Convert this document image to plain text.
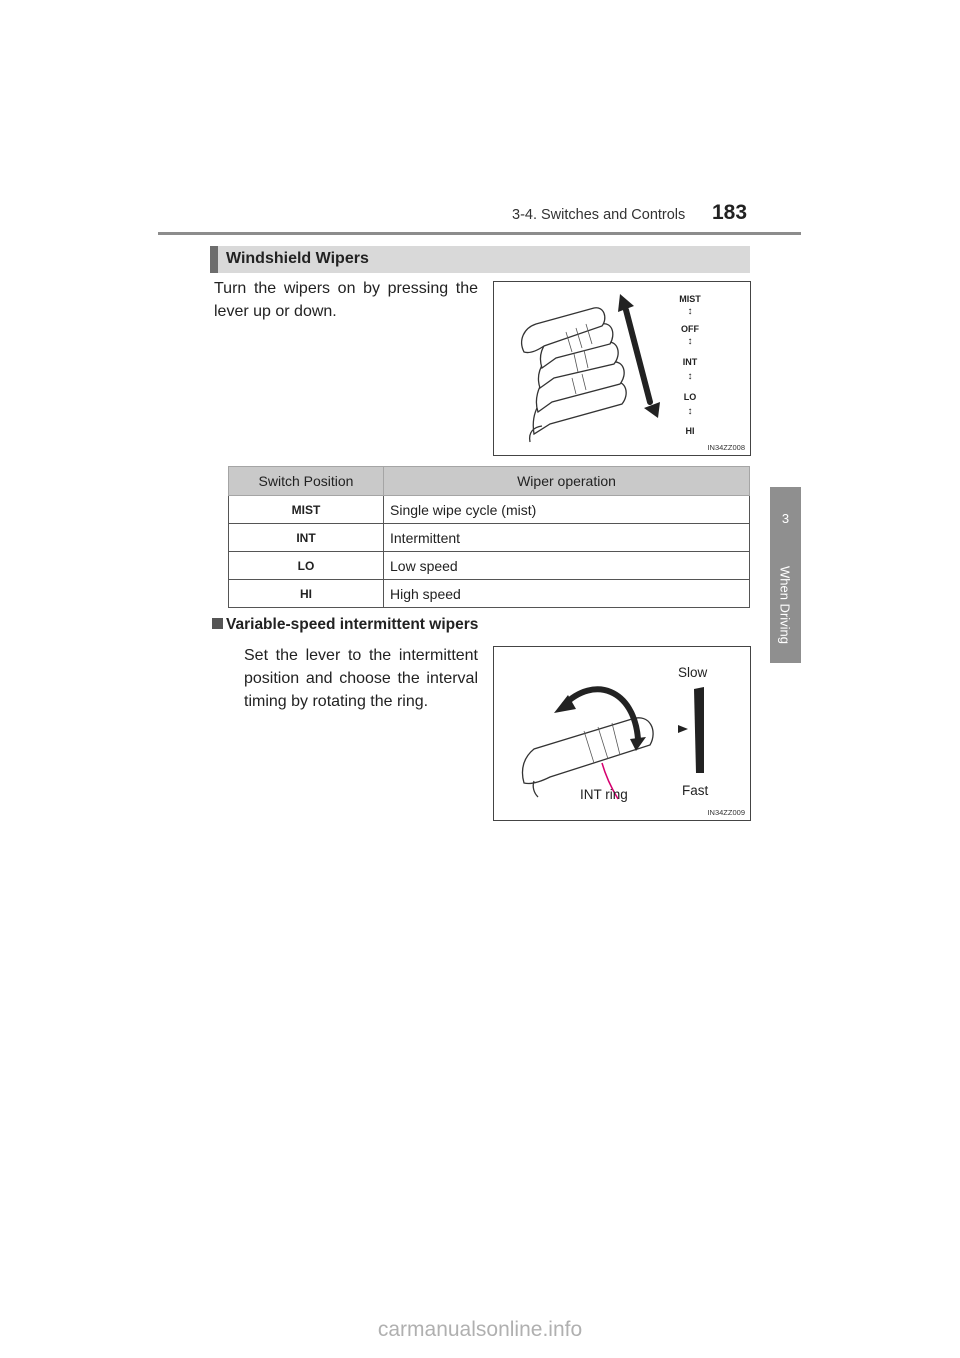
3-4. Switches and Controls 183
3
When Driving
Windshield Wipers
Turn the wipers on by pressing the lever up or down.
MIST
↕
OFF
↕
INT
↕
LO
↕
HI
IN34ZZ008
Switch Position	Wiper operation
MIST	Single wipe cycle (mist)
INT	Intermittent
LO	Low speed
HI	High speed
Variable-speed intermittent wipers
Set the lever to the intermittent position and choose the interval timing by rotating the ring.
Slow
Fast
INT ring
IN34ZZ009
carmanualsonline.info
